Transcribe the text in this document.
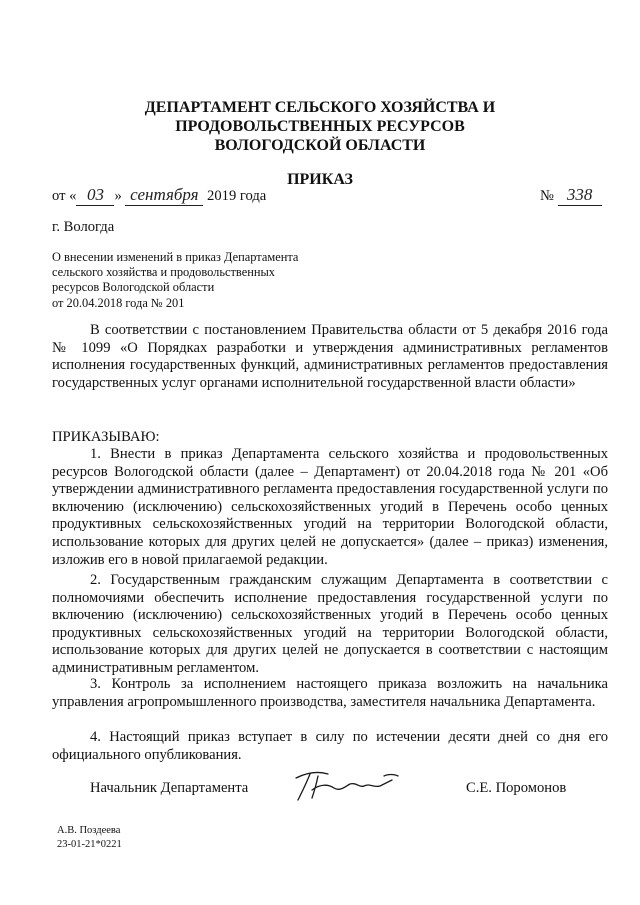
ДЕПАРТАМЕНТ СЕЛЬСКОГО ХОЗЯЙСТВА И
ПРОДОВОЛЬСТВЕННЫХ РЕСУРСОВ
ВОЛОГОДСКОЙ ОБЛАСТИ
ПРИКАЗ
от « 03 » сентября 2019 года	№ 338
г. Вологда
О внесении изменений в приказ Департамента
сельского хозяйства и продовольственных
ресурсов Вологодской области
от 20.04.2018 года № 201
В соответствии с постановлением Правительства области от 5 декабря 2016 года № 1099 «О Порядках разработки и утверждения административных регламентов исполнения государственных функций, административных регламентов предоставления государственных услуг органами исполнительной государственной власти области»
ПРИКАЗЫВАЮ:
1. Внести в приказ Департамента сельского хозяйства и продовольственных ресурсов Вологодской области (далее – Департамент) от 20.04.2018 года № 201 «Об утверждении административного регламента предоставления государственной услуги по включению (исключению) сельскохозяйственных угодий в Перечень особо ценных продуктивных сельскохозяйственных угодий на территории Вологодской области, использование которых для других целей не допускается» (далее – приказ) изменения, изложив его в новой прилагаемой редакции.
2. Государственным гражданским служащим Департамента в соответствии с полномочиями обеспечить исполнение предоставления государственной услуги по включению (исключению) сельскохозяйственных угодий в Перечень особо ценных продуктивных сельскохозяйственных угодий на территории Вологодской области, использование которых для других целей не допускается в соответствии с настоящим административным регламентом.
3. Контроль за исполнением настоящего приказа возложить на начальника управления агропромышленного производства, заместителя начальника Департамента.
4. Настоящий приказ вступает в силу по истечении десяти дней со дня его официального опубликования.
Начальник Департамента	С.Е. Поромонов
А.В. Поздеева
23-01-21*0221
